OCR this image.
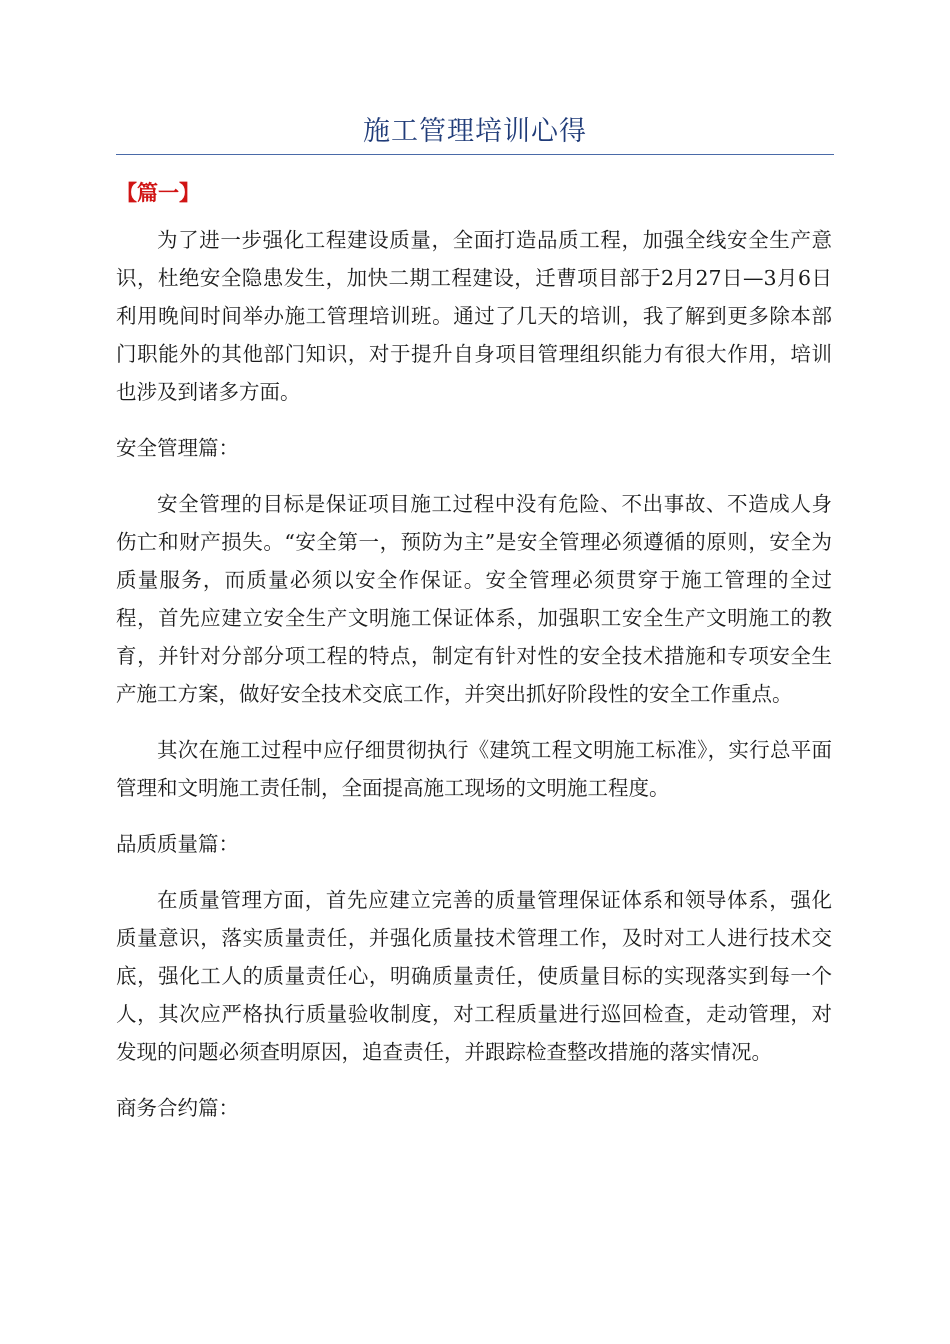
施工管理培训心得
【篇一】

为了进一步强化工程建设质量，全面打造品质工程，加强全线安全生产意识，杜绝安全隐患发生，加快二期工程建设，迁曹项目部于2月27日—3月6日利用晚间时间举办施工管理培训班。通过了几天的培训，我了解到更多除本部门职能外的其他部门知识，对于提升自身项目管理组织能力有很大作用，培训也涉及到诸多方面。

安全管理篇：

安全管理的目标是保证项目施工过程中没有危险、不出事故、不造成人身伤亡和财产损失。“安全第一，预防为主”是安全管理必须遵循的原则，安全为质量服务，而质量必须以安全作保证。安全管理必须贯穿于施工管理的全过程，首先应建立安全生产文明施工保证体系，加强职工安全生产文明施工的教育，并针对分部分项工程的特点，制定有针对性的安全技术措施和专项安全生产施工方案，做好安全技术交底工作，并突出抓好阶段性的安全工作重点。

其次在施工过程中应仔细贯彻执行《建筑工程文明施工标准》，实行总平面管理和文明施工责任制，全面提高施工现场的文明施工程度。

品质质量篇：

在质量管理方面，首先应建立完善的质量管理保证体系和领导体系，强化质量意识，落实质量责任，并强化质量技术管理工作，及时对工人进行技术交底，强化工人的质量责任心，明确质量责任，使质量目标的实现落实到每一个人，其次应严格执行质量验收制度，对工程质量进行巡回检查，走动管理，对发现的问题必须查明原因，追查责任，并跟踪检查整改措施的落实情况。

商务合约篇：
